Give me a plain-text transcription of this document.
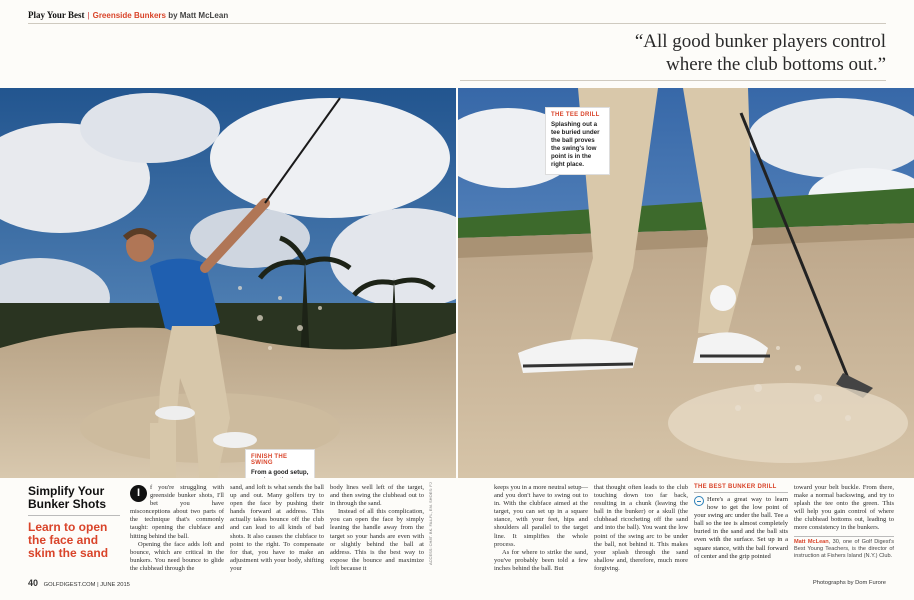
Play Your Best | Greenside Bunkers by Matt McLean
“All good bunker players control where the club bottoms out.”
FINISH THE SWING
From a good setup,
THE TEE DRILL
Splashing out a tee buried under the ball proves the swing's low point is in the right place.
ACCESS: CH8T. BK. FA4-FL, EM. SHOES: FJ
Simplify Your Bunker Shots
Learn to open the face and skim the sand

I	f you're struggling with greenside bunker shots, I'll bet you have misconceptions about two parts of the technique that's commonly taught: opening the clubface and hitting behind the ball.

Opening the face adds loft and bounce, which are critical in the bunkers. You need bounce to glide the clubhead through the

sand, and loft is what sends the ball up and out. Many golfers try to open the face by pushing their hands forward at address. This actually takes bounce off the club and can lead to all kinds of bad shots. It also causes the clubface to point to the right. To compensate for that, you have to make an adjustment with your body, shifting your

body lines well left of the target, and then swing the clubhead out to in through the sand.

Instead of all this complication, you can open the face by simply leaning the handle away from the target so your hands are even with or slightly behind the ball at address. This is the best way to expose the bounce and maximize loft because it

keeps you in a more neutral setup—and you don't have to swing out to in. With the clubface aimed at the target, you can set up in a square stance, with your feet, hips and shoulders all parallel to the target line. It simplifies the whole process.

As for where to strike the sand, you've probably been told a few inches behind the ball. But

that thought often leads to the club touching down too far back, resulting in a chunk (leaving the ball in the bunker) or a skull (the clubhead ricocheting off the sand and into the ball). You want the low point of the swing arc to be under the ball, not behind it. This makes your splash through the sand shallow and, therefore, much more forgiving.

THE BEST BUNKER DRILL
Here's a great way to learn how to get the low point of your swing arc under the ball. Tee a ball so the tee is almost completely buried in the sand and the ball sits even with the surface. Set up in a square stance, with the ball forward of center and the grip pointed

toward your belt buckle. From there, make a normal backswing, and try to splash the tee onto the green. This will help you gain control of where the clubhead bottoms out, leading to more consistency in the bunkers.

Matt McLean, 30, one of Golf Digest's Best Young Teachers, is the director of instruction at Fishers Island (N.Y.) Club.
40 GOLFDIGEST.COM | JUNE 2015	Photographs by Dom Furore
